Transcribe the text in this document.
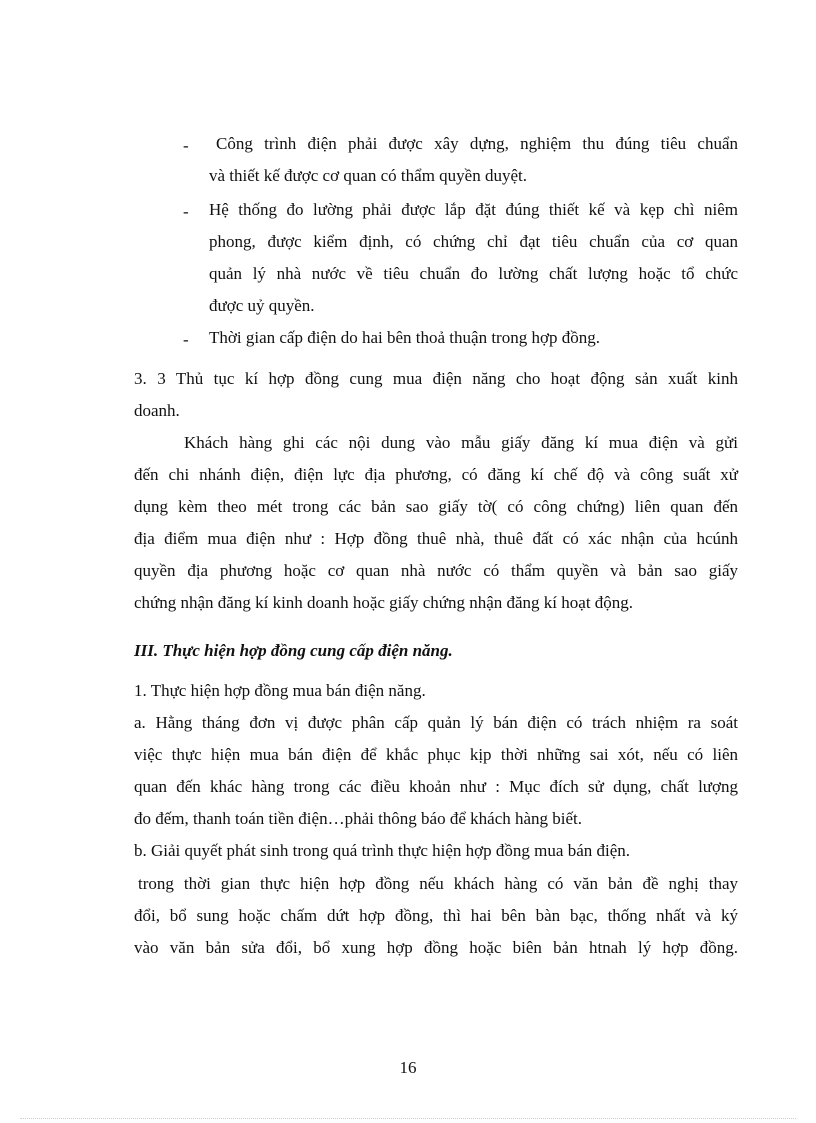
- Công trình điện phải được xây dựng, nghiệm thu đúng tiêu chuẩn
và thiết kế được cơ quan có thẩm quyền duyệt.
- Hệ thống đo lường phải được lắp đặt đúng thiết kế và kẹp chì niêm
phong, được kiểm định, có chứng chỉ đạt tiêu chuẩn của cơ quan
quản lý nhà nước về tiêu chuẩn đo lường chất lượng hoặc tổ chức
được uỷ quyền.
- Thời gian cấp điện do hai bên thoả thuận trong hợp đồng.
3. 3 Thủ tục kí hợp đồng cung mua điện năng cho hoạt động sản xuất kinh
doanh.
Khách hàng ghi các nội dung vào mẫu giấy đăng kí mua điện và gửi
đến chi nhánh điện, điện lực địa phương, có đăng kí chế độ và công suất xử
dụng kèm theo mét trong các bản sao giấy tờ( có công chứng) liên quan đến
địa điểm mua điện như : Hợp đồng thuê nhà, thuê đất có xác nhận của hcúnh
quyền địa phương hoặc cơ quan nhà nước có thẩm quyền và bản sao giấy
chứng nhận đăng kí kinh doanh hoặc giấy chứng nhận đăng kí hoạt động.
III. Thực hiện hợp đồng cung cấp điện năng.
1. Thực hiện hợp đồng mua bán điện năng.
a. Hằng tháng đơn vị được phân cấp quản lý bán điện có trách nhiệm ra soát
việc thực hiện mua bán điện để khắc phục kịp thời những sai xót, nếu có liên
quan đến khác hàng trong các điều khoản như : Mục đích sử dụng, chất lượng
đo đếm, thanh toán tiền điện…phải thông báo để khách hàng biết.
b. Giải quyết phát sinh trong quá trình thực hiện hợp đồng mua bán điện.
trong thời gian thực hiện hợp đồng nếu khách hàng có văn bản đề nghị thay
đổi, bổ sung hoặc chấm dứt hợp đồng, thì hai bên bàn bạc, thống nhất và ký
vào văn bản sửa đổi, bổ xung hợp đồng hoặc biên bản htnah lý hợp đồng.
16
